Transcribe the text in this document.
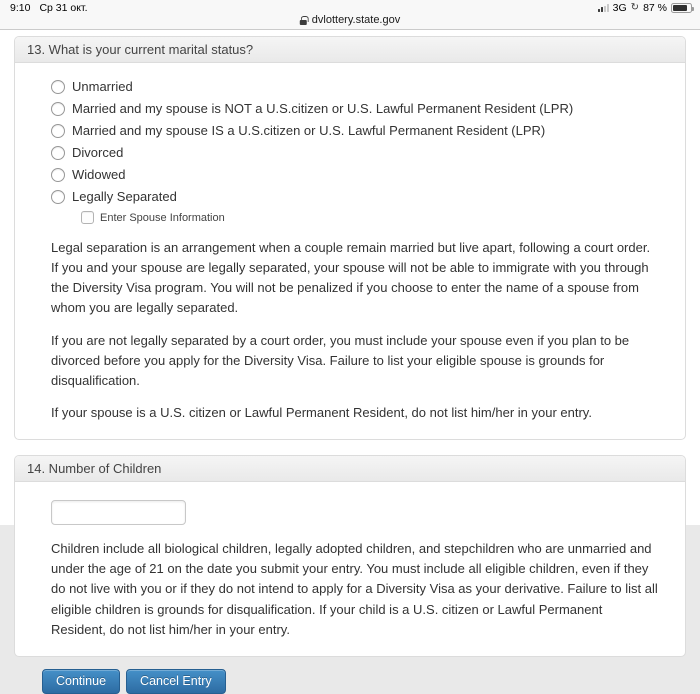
9:10 Ср 31 окт.	3G ↻ 87 %
dvlottery.state.gov
13. What is your current marital status?
Unmarried
Married and my spouse is NOT a U.S.citizen or U.S. Lawful Permanent Resident (LPR)
Married and my spouse IS a U.S.citizen or U.S. Lawful Permanent Resident (LPR)
Divorced
Widowed
Legally Separated
Enter Spouse Information

Legal separation is an arrangement when a couple remain married but live apart, following a court order. If you and your spouse are legally separated, your spouse will not be able to immigrate with you through the Diversity Visa program. You will not be penalized if you choose to enter the name of a spouse from whom you are legally separated.

If you are not legally separated by a court order, you must include your spouse even if you plan to be divorced before you apply for the Diversity Visa. Failure to list your eligible spouse is grounds for disqualification.

If your spouse is a U.S. citizen or Lawful Permanent Resident, do not list him/her in your entry.

14. Number of Children

Children include all biological children, legally adopted children, and stepchildren who are unmarried and under the age of 21 on the date you submit your entry. You must include all eligible children, even if they do not live with you or if they do not intend to apply for a Diversity Visa as your derivative. Failure to list all eligible children is grounds for disqualification. If your child is a U.S. citizen or Lawful Permanent Resident, do not list him/her in your entry.

Continue	Cancel Entry
